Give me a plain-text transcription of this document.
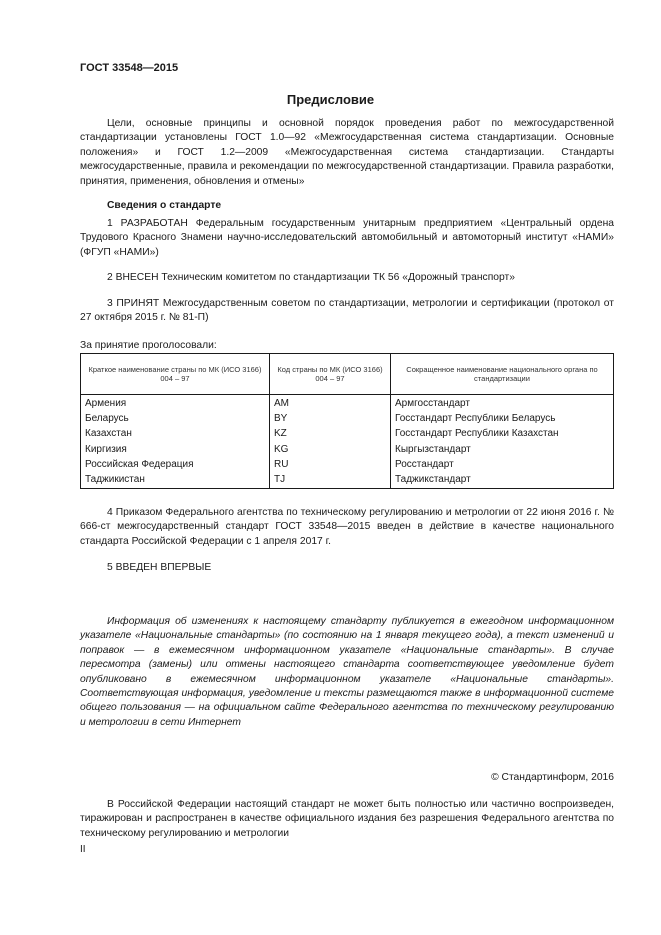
ГОСТ 33548—2015
Предисловие

Цели, основные принципы и основной порядок проведения работ по межгосударственной стандартизации установлены ГОСТ 1.0—92 «Межгосударственная система стандартизации. Основные положения» и ГОСТ 1.2—2009 «Межгосударственная система стандартизации. Стандарты межгосударственные, правила и рекомендации по межгосударственной стандартизации. Правила разработки, принятия, применения, обновления и отмены»

Сведения о стандарте

1 РАЗРАБОТАН Федеральным государственным унитарным предприятием «Центральный ордена Трудового Красного Знамени научно-исследовательский автомобильный и автомоторный институт «НАМИ» (ФГУП «НАМИ»)

2 ВНЕСЕН Техническим комитетом по стандартизации ТК 56 «Дорожный транспорт»

3 ПРИНЯТ Межгосударственным советом по стандартизации, метрологии и сертификации (протокол от 27 октября 2015 г. № 81-П)

За принятие проголосовали:
Краткое наименование страны по МК (ИСО 3166) 004 – 97	Код страны по МК (ИСО 3166) 004 – 97	Сокращенное наименование национального органа по стандартизации
Армения	AM	Армгосстандарт
Беларусь	BY	Госстандарт Республики Беларусь
Казахстан	KZ	Госстандарт Республики Казахстан
Киргизия	KG	Кыргызстандарт
Российская Федерация	RU	Росстандарт
Таджикистан	TJ	Таджикстандарт

4 Приказом Федерального агентства по техническому регулированию и метрологии от 22 июня 2016 г. № 666-ст межгосударственный стандарт ГОСТ 33548—2015 введен в действие в качестве национального стандарта Российской Федерации с 1 апреля 2017 г.

5 ВВЕДЕН ВПЕРВЫЕ

Информация об изменениях к настоящему стандарту публикуется в ежегодном информационном указателе «Национальные стандарты» (по состоянию на 1 января текущего года), а текст изменений и поправок — в ежемесячном информационном указателе «Национальные стандарты». В случае пересмотра (замены) или отмены настоящего стандарта соответствующее уведомление будет опубликовано в ежемесячном информационном указателе «Национальные стандарты». Соответствующая информация, уведомление и тексты размещаются также в информационной системе общего пользования — на официальном сайте Федерального агентства по техническому регулированию и метрологии в сети Интернет

© Стандартинформ, 2016

В Российской Федерации настоящий стандарт не может быть полностью или частично воспроизведен, тиражирован и распространен в качестве официального издания без разрешения Федерального агентства по техническому регулированию и метрологии

II
